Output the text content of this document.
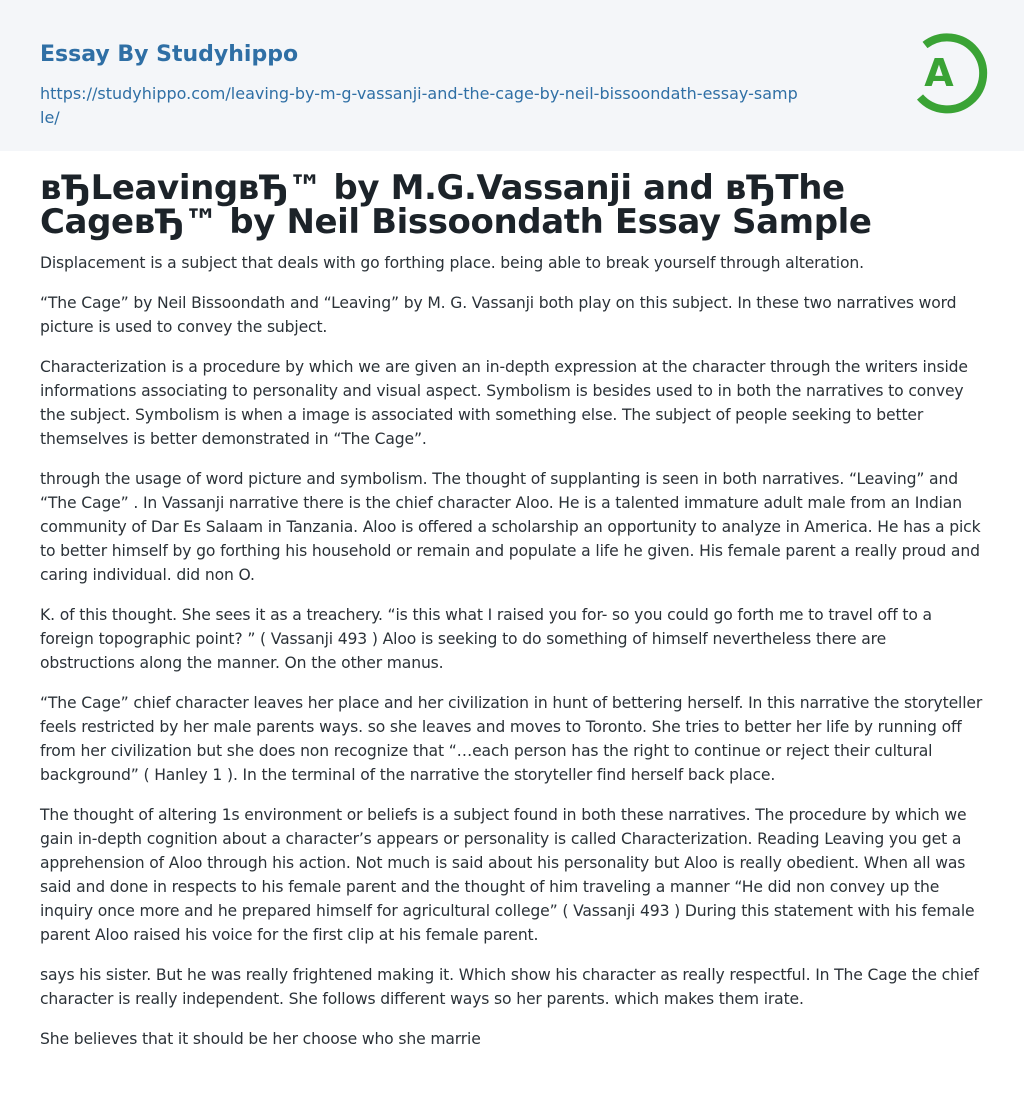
Essay By Studyhippo
https://studyhippo.com/leaving-by-m-g-vassanji-and-the-cage-by-neil-bissoondath-essay-sample/
A
вЂLeavingвЂ™ by M.G.Vassanji and вЂThe CageвЂ™ by Neil Bissoondath Essay Sample

Displacement is a subject that deals with go forthing place. being able to break yourself through alteration.

“The Cage” by Neil Bissoondath and “Leaving” by M. G. Vassanji both play on this subject. In these two narratives word picture is used to convey the subject.

Characterization is a procedure by which we are given an in-depth expression at the character through the writers inside informations associating to personality and visual aspect. Symbolism is besides used to in both the narratives to convey the subject. Symbolism is when a image is associated with something else. The subject of people seeking to better themselves is better demonstrated in “The Cage”.

through the usage of word picture and symbolism. The thought of supplanting is seen in both narratives. “Leaving” and “The Cage” . In Vassanji narrative there is the chief character Aloo. He is a talented immature adult male from an Indian community of Dar Es Salaam in Tanzania. Aloo is offered a scholarship an opportunity to analyze in America. He has a pick to better himself by go forthing his household or remain and populate a life he given. His female parent a really proud and caring individual. did non O.

K. of this thought. She sees it as a treachery. “is this what I raised you for- so you could go forth me to travel off to a foreign topographic point? ” ( Vassanji 493 ) Aloo is seeking to do something of himself nevertheless there are obstructions along the manner. On the other manus.

“The Cage” chief character leaves her place and her civilization in hunt of bettering herself. In this narrative the storyteller feels restricted by her male parents ways. so she leaves and moves to Toronto. She tries to better her life by running off from her civilization but she does non recognize that “…each person has the right to continue or reject their cultural background” ( Hanley 1 ). In the terminal of the narrative the storyteller find herself back place.

The thought of altering 1s environment or beliefs is a subject found in both these narratives. The procedure by which we gain in-depth cognition about a character’s appears or personality is called Characterization. Reading Leaving you get a apprehension of Aloo through his action. Not much is said about his personality but Aloo is really obedient. When all was said and done in respects to his female parent and the thought of him traveling a manner “He did non convey up the inquiry once more and he prepared himself for agricultural college” ( Vassanji 493 ) During this statement with his female parent Aloo raised his voice for the first clip at his female parent.

says his sister. But he was really frightened making it. Which show his character as really respectful. In The Cage the chief character is really independent. She follows different ways so her parents. which makes them irate.

She believes that it should be her choose who she marrie
